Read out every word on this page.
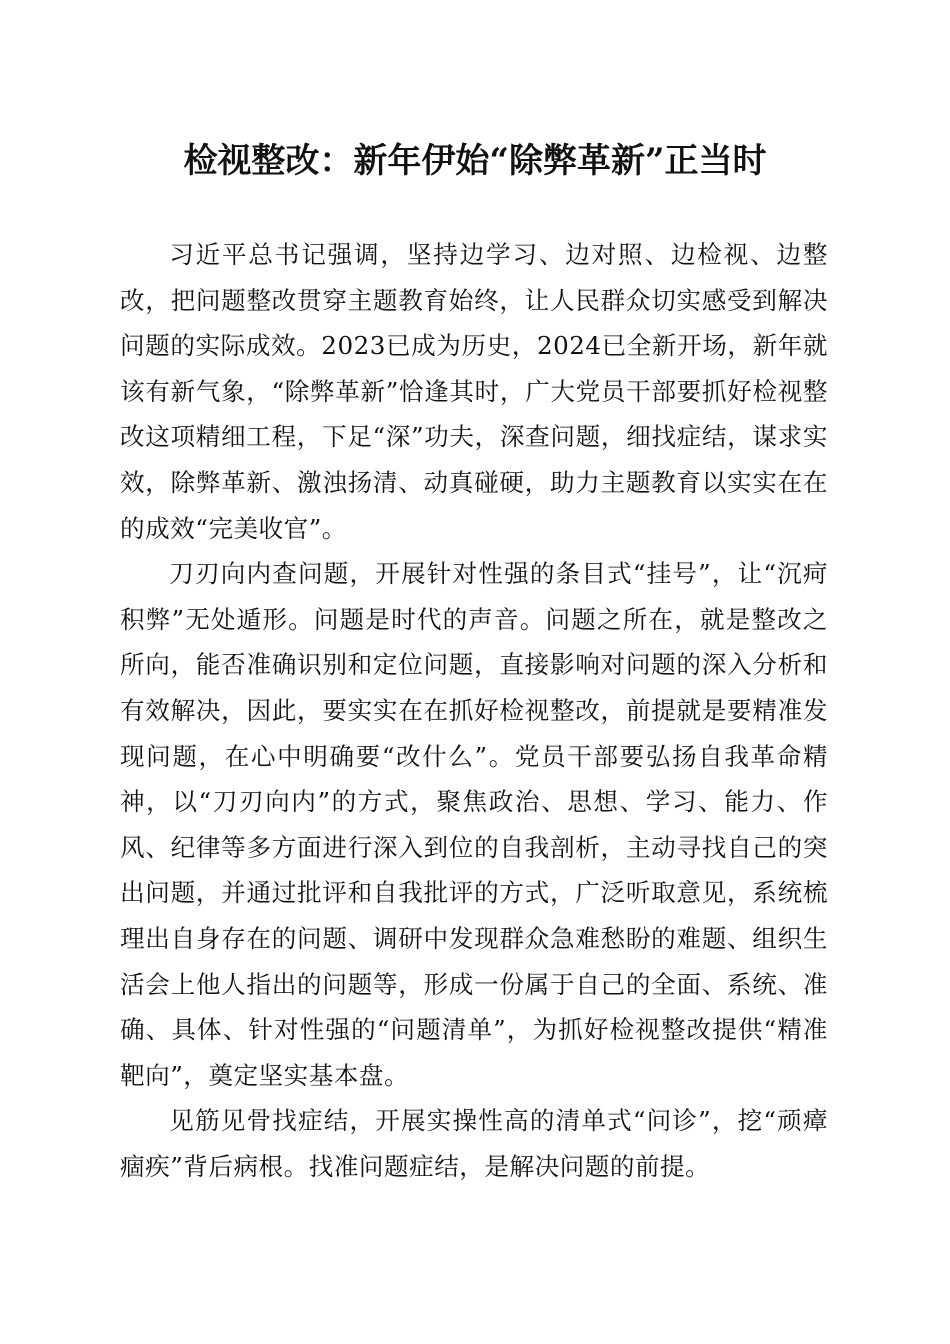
检视整改：新年伊始“除弊革新”正当时

习近平总书记强调，坚持边学习、边对照、边检视、边整改，把问题整改贯穿主题教育始终，让人民群众切实感受到解决问题的实际成效。2023已成为历史，2024已全新开场，新年就该有新气象，“除弊革新”恰逢其时，广大党员干部要抓好检视整改这项精细工程，下足“深”功夫，深查问题，细找症结，谋求实效，除弊革新、激浊扬清、动真碰硬，助力主题教育以实实在在的成效“完美收官”。

刀刃向内查问题，开展针对性强的条目式“挂号”，让“沉疴积弊”无处遁形。问题是时代的声音。问题之所在，就是整改之所向，能否准确识别和定位问题，直接影响对问题的深入分析和有效解决，因此，要实实在在抓好检视整改，前提就是要精准发现问题，在心中明确要“改什么”。党员干部要弘扬自我革命精神，以“刀刃向内”的方式，聚焦政治、思想、学习、能力、作风、纪律等多方面进行深入到位的自我剖析，主动寻找自己的突出问题，并通过批评和自我批评的方式，广泛听取意见，系统梳理出自身存在的问题、调研中发现群众急难愁盼的难题、组织生活会上他人指出的问题等，形成一份属于自己的全面、系统、准确、具体、针对性强的“问题清单”，为抓好检视整改提供“精准靶向”，奠定坚实基本盘。

见筋见骨找症结，开展实操性高的清单式“问诊”，挖“顽瘴痼疾”背后病根。找准问题症结，是解决问题的前提。
